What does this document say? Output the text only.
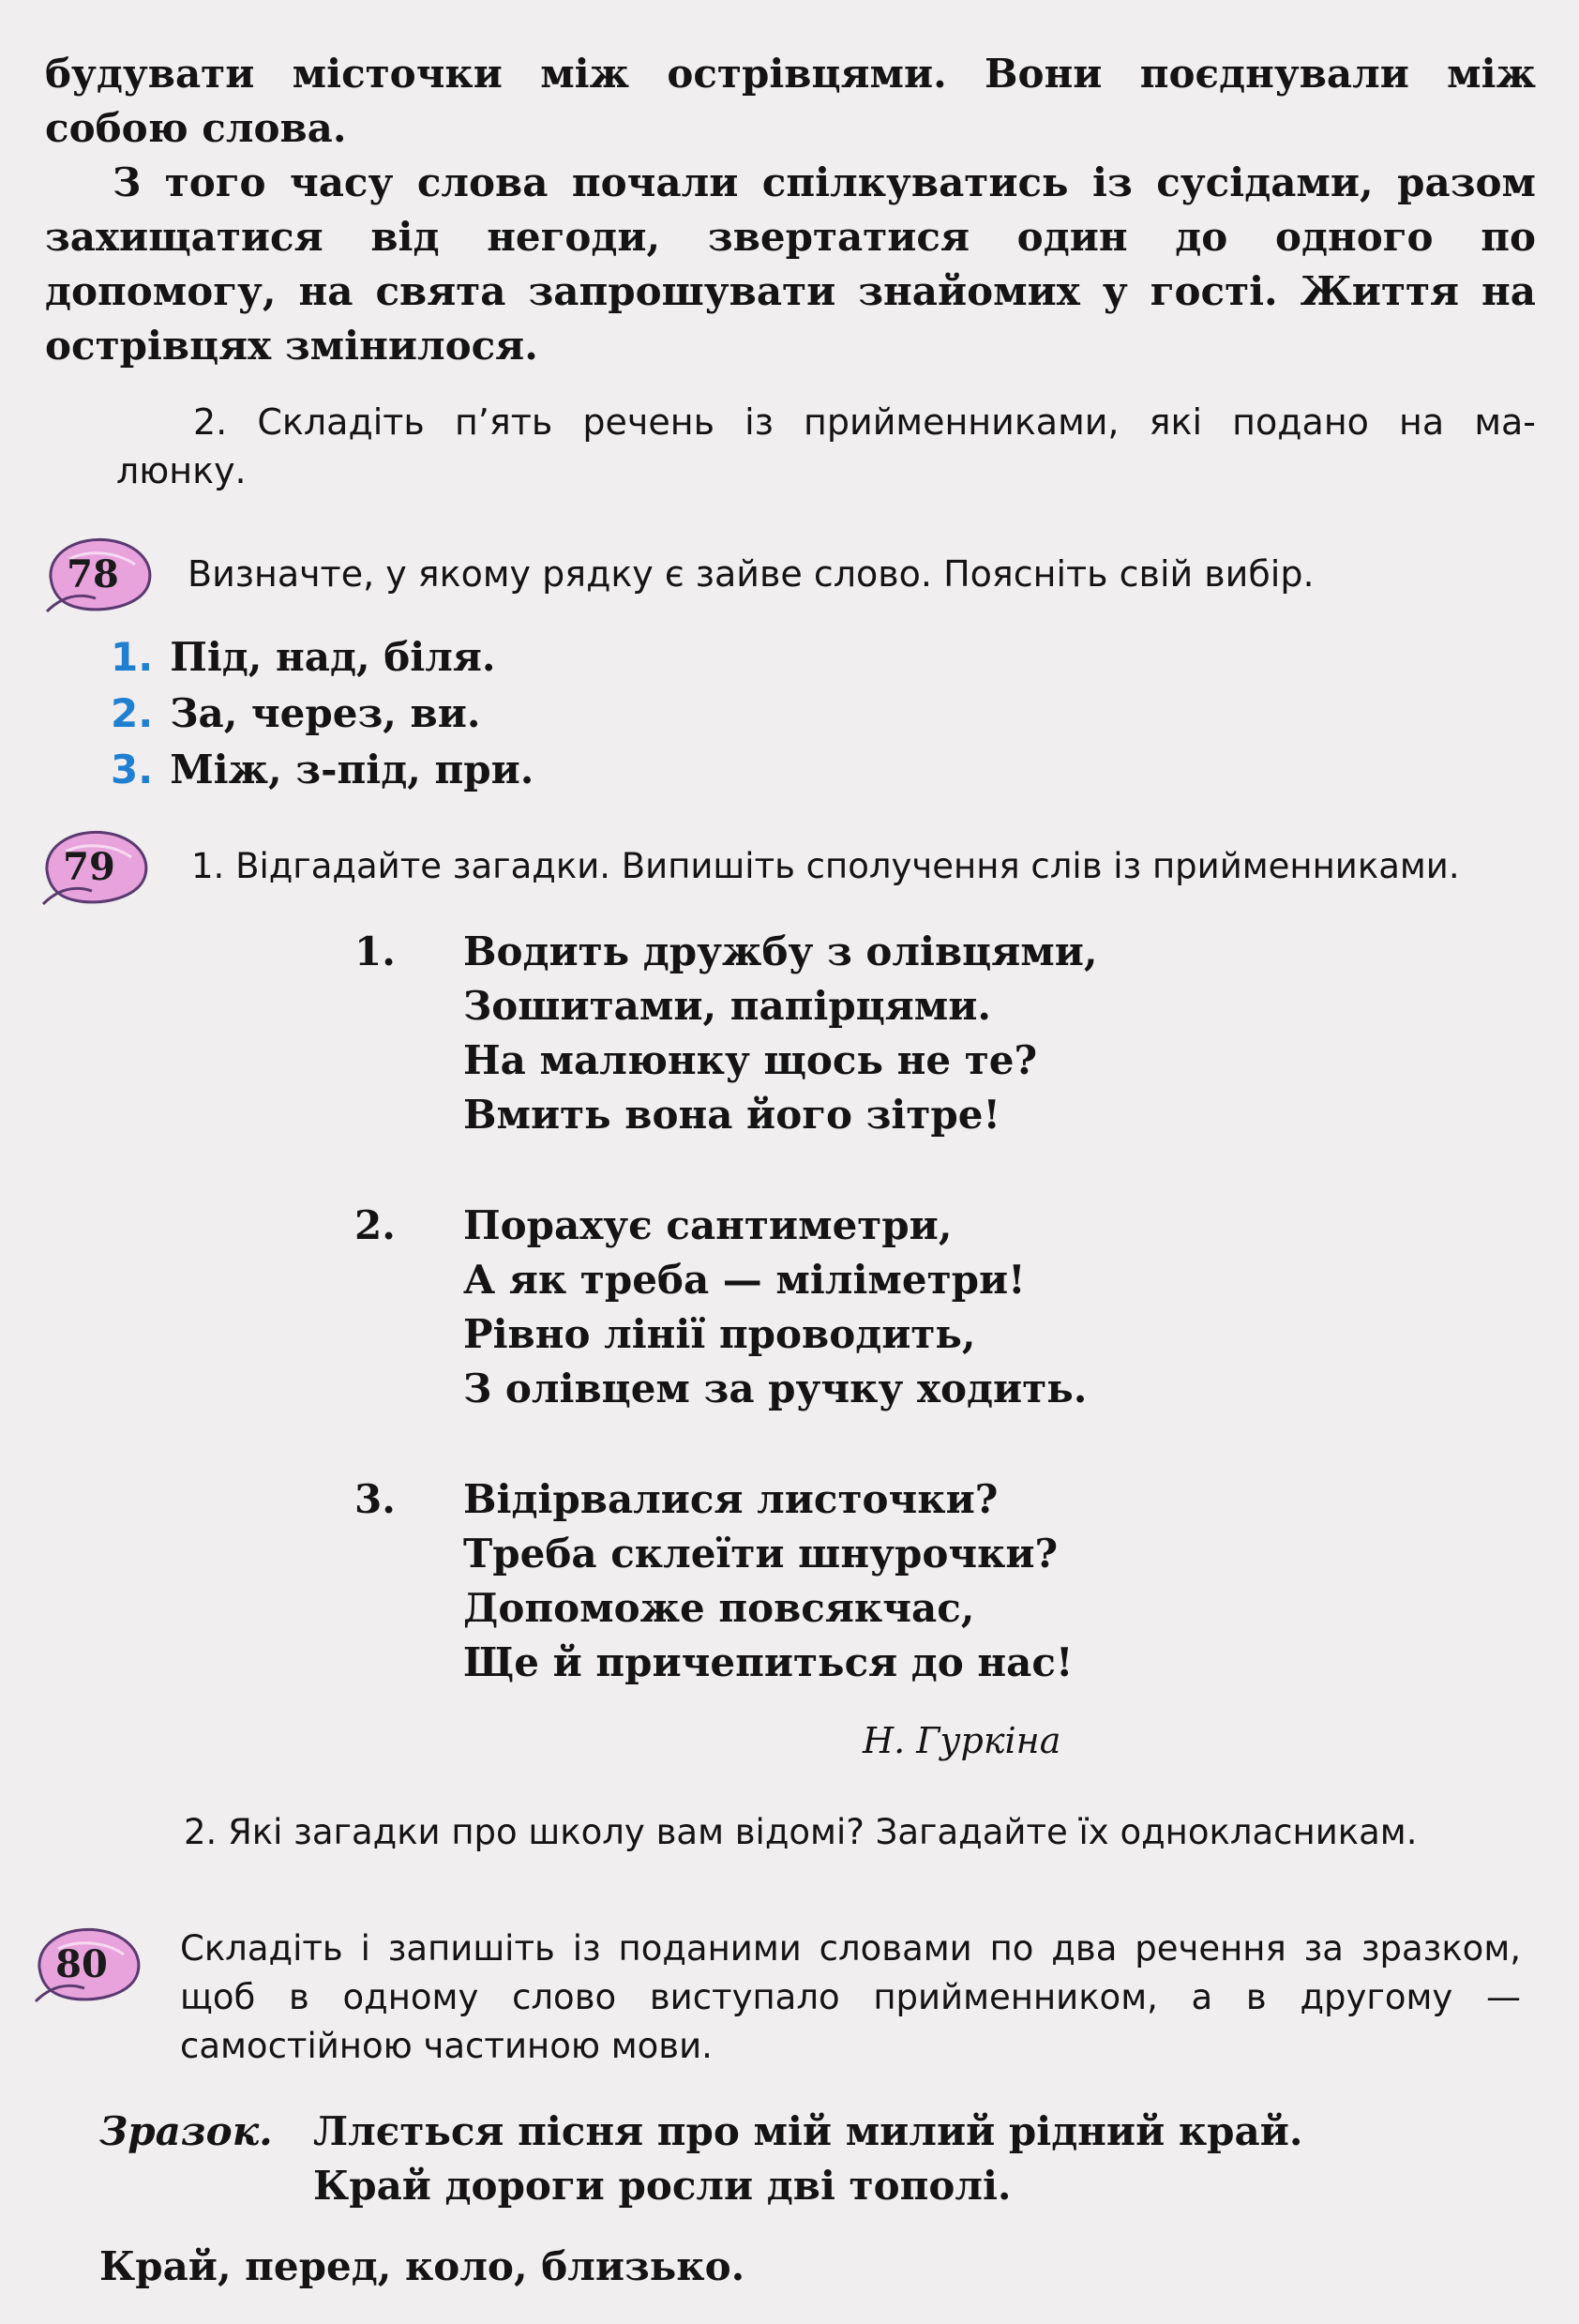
будувати місточки між острівцями. Вони поєднували між собою слова.
З того часу слова почали спілкуватись із сусідами, разом захищатися від негоди, звертатися один до одного по допомогу, на свята запрошувати знайомих у гості. Життя на острівцях змінилося.
2. Складіть п’ять речень із прийменниками, які подано на ма-
люнку.
78	Визначте, у якому рядку є зайве слово. Поясніть свій вибір.
1. Під, над, біля.
2. За, через, ви.
3. Між, з-під, при.
79	1. Відгадайте загадки. Випишіть сполучення слів із прийменниками.
1. Водить дружбу з олівцями,
Зошитами, папірцями.
На малюнку щось не те?
Вмить вона його зітре!
2. Порахує сантиметри,
А як треба — міліметри!
Рівно лінії проводить,
З олівцем за ручку ходить.
3. Відірвалися листочки?
Треба склеїти шнурочки?
Допоможе повсякчас,
Ще й причепиться до нас!
Н. Гуркіна
2. Які загадки про школу вам відомі? Загадайте їх однокласникам.
80	Складіть і запишіть із поданими словами по два речення за зразком, щоб в одному слово виступало прийменником, а в другому — самостійною частиною мови.
Зразок. Ллється пісня про мій милий рідний край.
Край дороги росли дві тополі.
Край, перед, коло, близько.
